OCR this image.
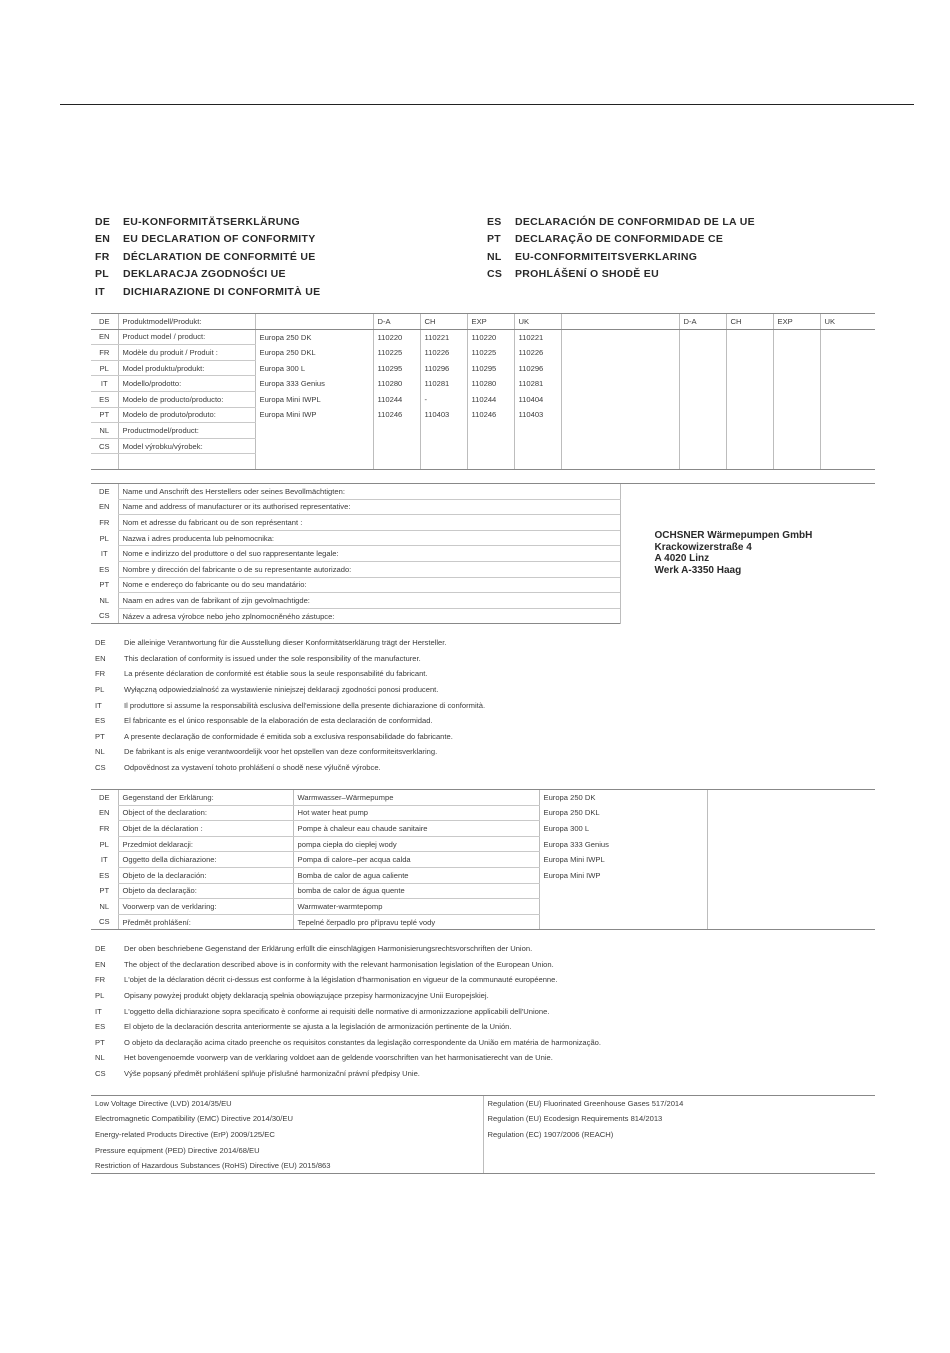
DE	EU-KONFORMITÄTSERKLÄRUNG
EN	EU DECLARATION OF CONFORMITY
FR	DÉCLARATION DE CONFORMITÉ UE
PL	DEKLARACJA ZGODNOŚCI UE
IT	DICHIARAZIONE DI CONFORMITÀ UE
ES	DECLARACIÓN DE CONFORMIDAD DE LA UE
PT	DECLARAÇÃO DE CONFORMIDADE CE
NL	EU-CONFORMITEITSVERKLARING
CS	PROHLÁŠENÍ O SHODĚ EU
DE	Produktmodell/Produkt:		D-A	CH	EXP	UK		D-A	CH	EXP	UK
EN	Product model / product:	Europa 250 DK	110220	110221	110220	110221					
FR	Modèle du produit / Produit :	Europa 250 DKL	110225	110226	110225	110226					
PL	Model produktu/produkt:	Europa 300 L	110295	110296	110295	110296					
IT	Modello/prodotto:	Europa 333 Genius	110280	110281	110280	110281					
ES	Modelo de producto/producto:	Europa Mini IWPL	110244	-	110244	110404					
PT	Modelo de produto/produto:	Europa Mini IWP	110246	110403	110246	110403					
NL	Productmodel/product:										
CS	Model výrobku/výrobek:										

DE	Name und Anschrift des Herstellers oder seines Bevollmächtigten:	OCHSNER Wärmepumpen GmbH
Krackowizerstraße 4
A 4020 Linz
Werk A-3350 Haag

EN	Name and address of manufacturer or its authorised representative:	
FR	Nom et adresse du fabricant ou de son représentant :	
PL	Nazwa i adres producenta lub pełnomocnika:	
IT	Nome e indirizzo del produttore o del suo rappresentante legale:	
ES	Nombre y dirección del fabricante o de su representante autorizado:	
PT	Nome e endereço do fabricante ou do seu mandatário:	
NL	Naam en adres van de fabrikant of zijn gevolmachtigde:	
CS	Název a adresa výrobce nebo jeho zplnomocněného zástupce:	
DE	Die alleinige Verantwortung für die Ausstellung dieser Konformitätserklärung trägt der Hersteller.
EN	This declaration of conformity is issued under the sole responsibility of the manufacturer.
FR	La présente déclaration de conformité est établie sous la seule responsabilité du fabricant.
PL	Wyłączną odpowiedzialność za wystawienie niniejszej deklaracji zgodności ponosi producent.
IT	Il produttore si assume la responsabilità esclusiva dell'emissione della presente dichiarazione di conformità.
ES	El fabricante es el único responsable de la elaboración de esta declaración de conformidad.
PT	A presente declaração de conformidade é emitida sob a exclusiva responsabilidade do fabricante.
NL	De fabrikant is als enige verantwoordelijk voor het opstellen van deze conformiteitsverklaring.
CS	Odpovědnost za vystavení tohoto prohlášení o shodě nese výlučně výrobce.
DE	Gegenstand der Erklärung:	Warmwasser–Wärmepumpe	Europa 250 DK	
EN	Object of the declaration:	Hot water heat pump	Europa 250 DKL	
FR	Objet de la déclaration :	Pompe à chaleur eau chaude sanitaire	Europa 300 L	
PL	Przedmiot deklaracji:	pompa ciepła do ciepłej wody	Europa 333 Genius	
IT	Oggetto della dichiarazione:	Pompa di calore–per acqua calda	Europa Mini IWPL	
ES	Objeto de la declaración:	Bomba de calor de agua caliente	Europa Mini IWP	
PT	Objeto da declaração:	bomba de calor de água quente		
NL	Voorwerp van de verklaring:	Warmwater-warmtepomp		
CS	Předmět prohlášení:	Tepelné čerpadlo pro přípravu teplé vody		
DE	Der oben beschriebene Gegenstand der Erklärung erfüllt die einschlägigen Harmonisierungsrechtsvorschriften der Union.
EN	The object of the declaration described above is in conformity with the relevant harmonisation legislation of the European Union.
FR	L'objet de la déclaration décrit ci-dessus est conforme à la législation d'harmonisation en vigueur de la communauté européenne.
PL	Opisany powyżej produkt objęty deklaracją spełnia obowiązujące przepisy harmonizacyjne Unii Europejskiej.
IT	L'oggetto della dichiarazione sopra specificato è conforme ai requisiti delle normative di armonizzazione applicabili dell'Unione.
ES	El objeto de la declaración descrita anteriormente se ajusta a la legislación de armonización pertinente de la Unión.
PT	O objeto da declaração acima citado preenche os requisitos constantes da legislação correspondente da União em matéria de harmonização.
NL	Het bovengenoemde voorwerp van de verklaring voldoet aan de geldende voorschriften van het harmonisatierecht van de Unie.
CS	Výše popsaný předmět prohlášení splňuje příslušné harmonizační právní předpisy Unie.
Low Voltage Directive (LVD) 2014/35/EU	Regulation (EU) Fluorinated Greenhouse Gases 517/2014
Electromagnetic Compatibility (EMC) Directive 2014/30/EU	Regulation (EU) Ecodesign Requirements 814/2013
Energy-related Products Directive (ErP) 2009/125/EC	Regulation (EC) 1907/2006 (REACH)
Pressure equipment (PED) Directive 2014/68/EU	
Restriction of Hazardous Substances (RoHS) Directive (EU) 2015/863	
